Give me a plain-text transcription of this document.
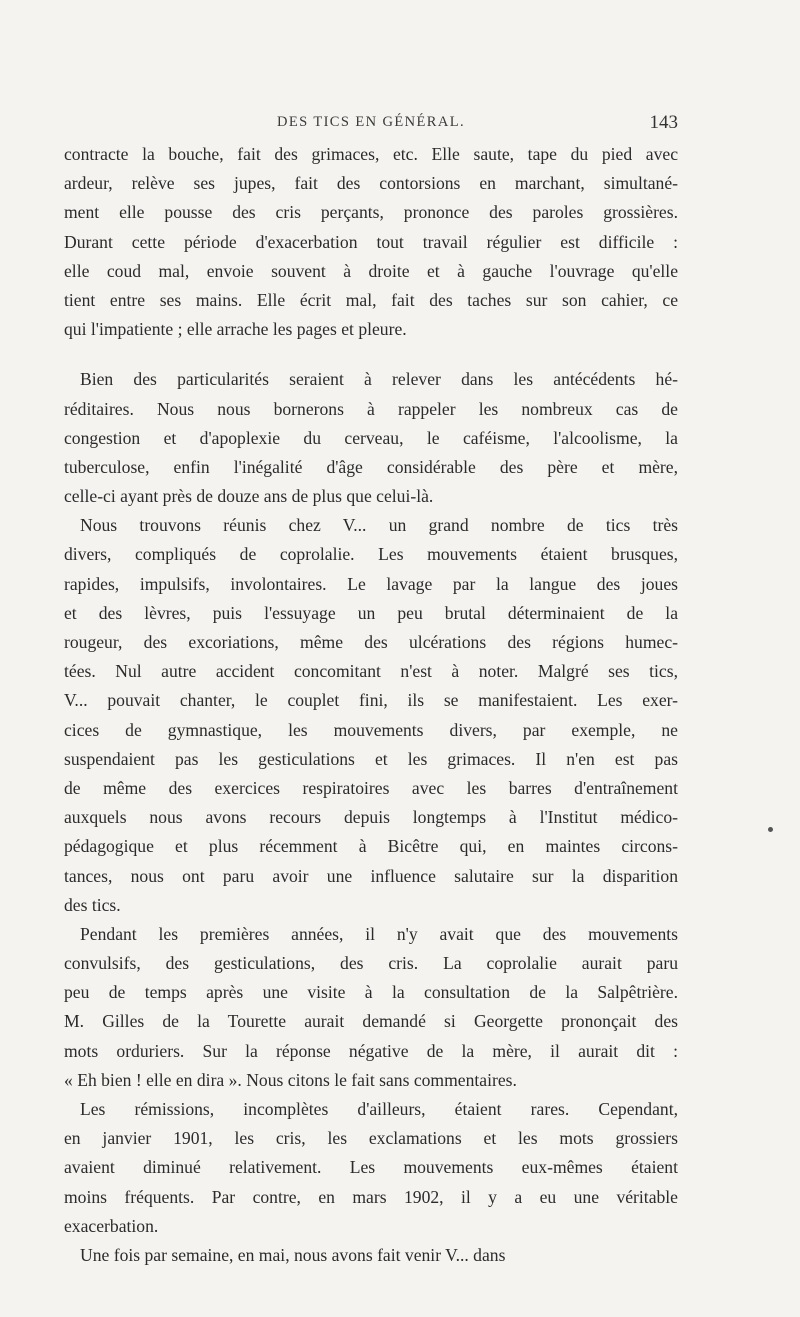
DES TICS EN GÉNÉRAL.	143
contracte la bouche, fait des grimaces, etc. Elle saute, tape du pied avec
ardeur, relève ses jupes, fait des contorsions en marchant, simultané-
ment elle pousse des cris perçants, prononce des paroles grossières.
Durant cette période d'exacerbation tout travail régulier est difficile :
elle coud mal, envoie souvent à droite et à gauche l'ouvrage qu'elle
tient entre ses mains. Elle écrit mal, fait des taches sur son cahier, ce
qui l'impatiente ; elle arrache les pages et pleure.
Bien des particularités seraient à relever dans les antécédents hé-
réditaires. Nous nous bornerons à rappeler les nombreux cas de
congestion et d'apoplexie du cerveau, le caféisme, l'alcoolisme, la
tuberculose, enfin l'inégalité d'âge considérable des père et mère,
celle-ci ayant près de douze ans de plus que celui-là.
Nous trouvons réunis chez V... un grand nombre de tics très
divers, compliqués de coprolalie. Les mouvements étaient brusques,
rapides, impulsifs, involontaires. Le lavage par la langue des joues
et des lèvres, puis l'essuyage un peu brutal déterminaient de la
rougeur, des excoriations, même des ulcérations des régions humec-
tées. Nul autre accident concomitant n'est à noter. Malgré ses tics,
V... pouvait chanter, le couplet fini, ils se manifestaient. Les exer-
cices de gymnastique, les mouvements divers, par exemple, ne
suspendaient pas les gesticulations et les grimaces. Il n'en est pas
de même des exercices respiratoires avec les barres d'entraînement
auxquels nous avons recours depuis longtemps à l'Institut médico-
pédagogique et plus récemment à Bicêtre qui, en maintes circons-
tances, nous ont paru avoir une influence salutaire sur la disparition
des tics.
Pendant les premières années, il n'y avait que des mouvements
convulsifs, des gesticulations, des cris. La coprolalie aurait paru
peu de temps après une visite à la consultation de la Salpêtrière.
M. Gilles de la Tourette aurait demandé si Georgette prononçait des
mots orduriers. Sur la réponse négative de la mère, il aurait dit :
« Eh bien ! elle en dira ». Nous citons le fait sans commentaires.
Les rémissions, incomplètes d'ailleurs, étaient rares. Cependant,
en janvier 1901, les cris, les exclamations et les mots grossiers
avaient diminué relativement. Les mouvements eux-mêmes étaient
moins fréquents. Par contre, en mars 1902, il y a eu une véritable
exacerbation.
Une fois par semaine, en mai, nous avons fait venir V... dans
